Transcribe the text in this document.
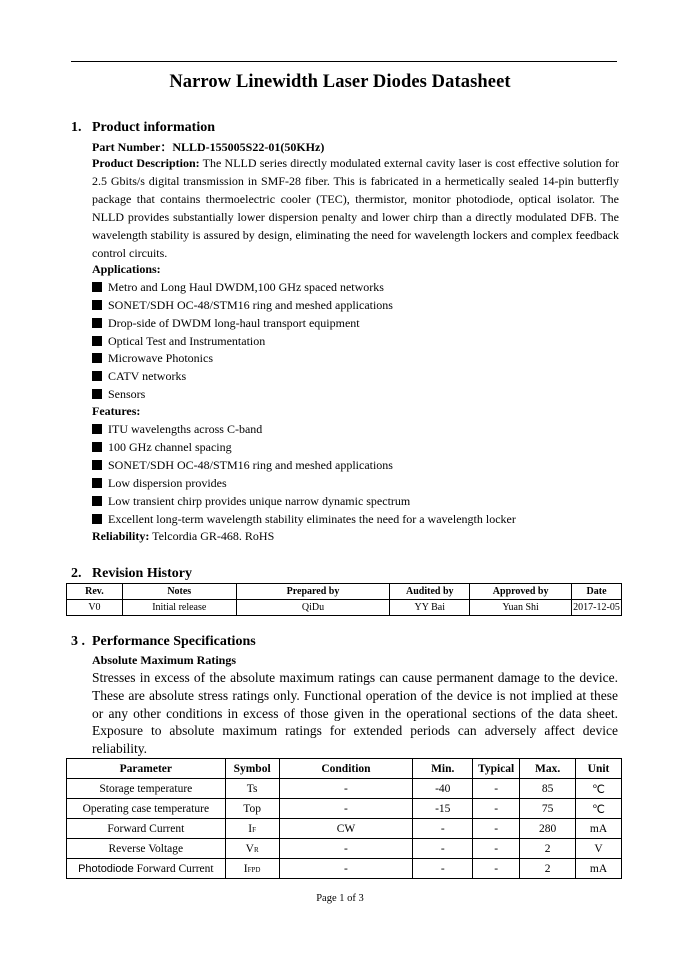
Narrow Linewidth Laser Diodes Datasheet
1. Product information
Part Number：NLLD-155005S22-01(50KHz)
Product Description: The NLLD series directly modulated external cavity laser is cost effective solution for 2.5 Gbits/s digital transmission in SMF-28 fiber. This is fabricated in a hermetically sealed 14-pin butterfly package that contains thermoelectric cooler (TEC), thermistor, monitor photodiode, optical isolator. The NLLD provides substantially lower dispersion penalty and lower chirp than a directly modulated DFB. The wavelength stability is assured by design, eliminating the need for wavelength lockers and complex feedback control circuits.
Applications:
Metro and Long Haul DWDM,100 GHz spaced networks
SONET/SDH OC-48/STM16 ring and meshed applications
Drop-side of DWDM long-haul transport equipment
Optical Test and Instrumentation
Microwave Photonics
CATV networks
Sensors
Features:
ITU wavelengths across C-band
100 GHz channel spacing
SONET/SDH OC-48/STM16 ring and meshed applications
Low dispersion provides
Low transient chirp provides unique narrow dynamic spectrum
Excellent long-term wavelength stability eliminates the need for a wavelength locker
Reliability: Telcordia GR-468. RoHS
2. Revision History
Rev.	Notes	Prepared by	Audited by	Approved by	Date
V0	Initial release	QiDu	YY Bai	Yuan Shi	2017-12-05
3 . Performance Specifications
Absolute Maximum Ratings
Stresses in excess of the absolute maximum ratings can cause permanent damage to the device. These are absolute stress ratings only. Functional operation of the device is not implied at these or any other conditions in excess of those given in the operational sections of the data sheet. Exposure to absolute maximum ratings for extended periods can adversely affect device reliability.
Parameter	Symbol	Condition	Min.	Typical	Max.	Unit
Storage temperature	Ts	-	-40	-	85	℃
Operating case temperature	Top	-	-15	-	75	℃
Forward Current	IF	CW	-	-	280	mA
Reverse Voltage	VR	-	-	-	2	V
Photodiode Forward Current	IFPD	-	-	-	2	mA
Page 1 of 3
